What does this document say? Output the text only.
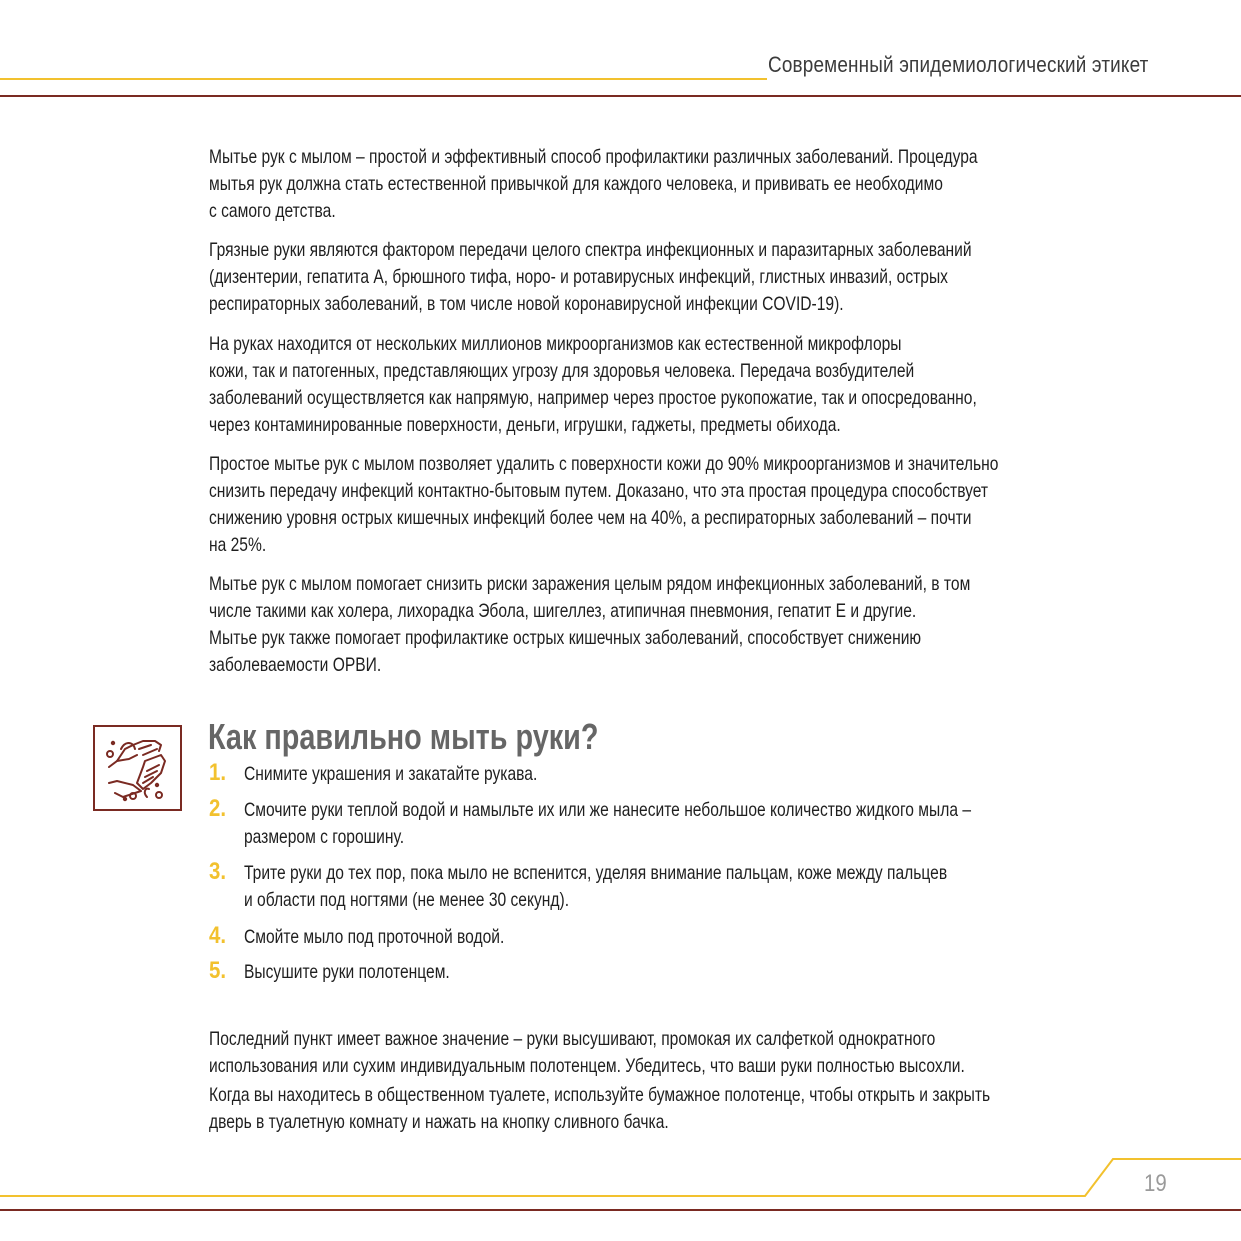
Современный эпидемиологический этикет
Мытье рук с мылом – простой и эффективный способ профилактики различных заболеваний. Процедура
мытья рук должна стать естественной привычкой для каждого человека, и прививать ее необходимо
с самого детства.
Грязные руки являются фактором передачи целого спектра инфекционных и паразитарных заболеваний
(дизентерии, гепатита А, брюшного тифа, норо- и ротавирусных инфекций, глистных инвазий, острых
респираторных заболеваний, в том числе новой коронавирусной инфекции COVID-19).
На руках находится от нескольких миллионов микроорганизмов как естественной микрофлоры
кожи, так и патогенных, представляющих угрозу для здоровья человека. Передача возбудителей
заболеваний осуществляется как напрямую, например через простое рукопожатие, так и опосредованно,
через контаминированные поверхности, деньги, игрушки, гаджеты, предметы обихода.
Простое мытье рук с мылом позволяет удалить с поверхности кожи до 90% микроорганизмов и значительно
снизить передачу инфекций контактно-бытовым путем. Доказано, что эта простая процедура способствует
снижению уровня острых кишечных инфекций более чем на 40%, а респираторных заболеваний – почти
на 25%.
Мытье рук с мылом помогает снизить риски заражения целым рядом инфекционных заболеваний, в том
числе такими как холера, лихорадка Эбола, шигеллез, атипичная пневмония, гепатит Е и другие.
Мытье рук также помогает профилактике острых кишечных заболеваний, способствует снижению
заболеваемости ОРВИ.
Как правильно мыть руки?
1. Снимите украшения и закатайте рукава.
2. Смочите руки теплой водой и намыльте их или же нанесите небольшое количество жидкого мыла –
размером с горошину.
3. Трите руки до тех пор, пока мыло не вспенится, уделяя внимание пальцам, коже между пальцев
и области под ногтями (не менее 30 секунд).
4. Смойте мыло под проточной водой.
5. Высушите руки полотенцем.
Последний пункт имеет важное значение – руки высушивают, промокая их салфеткой однократного
использования или сухим индивидуальным полотенцем. Убедитесь, что ваши руки полностью высохли.
Когда вы находитесь в общественном туалете, используйте бумажное полотенце, чтобы открыть и закрыть
дверь в туалетную комнату и нажать на кнопку сливного бачка.
19
